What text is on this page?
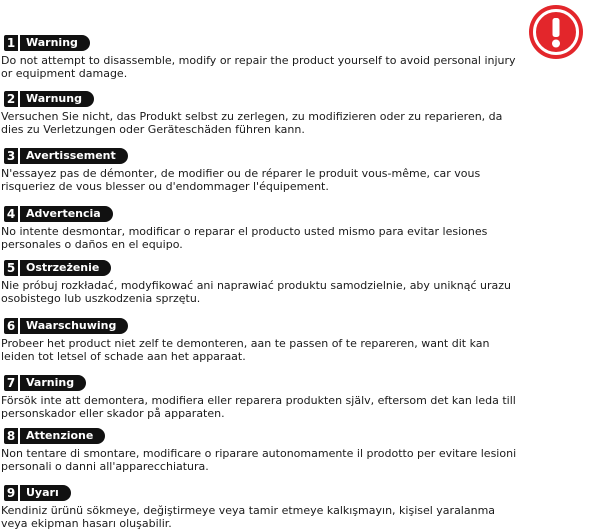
1 Warning
Do not attempt to disassemble, modify or repair the product yourself to avoid personal injury or equipment damage.
2 Warnung
Versuchen Sie nicht, das Produkt selbst zu zerlegen, zu modifizieren oder zu reparieren, da dies zu Verletzungen oder Geräteschäden führen kann.
3 Avertissement
N'essayez pas de démonter, de modifier ou de réparer le produit vous-même, car vous risqueriez de vous blesser ou d'endommager l'équipement.
4 Advertencia
No intente desmontar, modificar o reparar el producto usted mismo para evitar lesiones personales o daños en el equipo.
5 Ostrzeżenie
Nie próbuj rozkładać, modyfikować ani naprawiać produktu samodzielnie, aby uniknąć urazu osobistego lub uszkodzenia sprzętu.
6 Waarschuwing
Probeer het product niet zelf te demonteren, aan te passen of te repareren, want dit kan leiden tot letsel of schade aan het apparaat.
7 Varning
Försök inte att demontera, modifiera eller reparera produkten själv, eftersom det kan leda till personskador eller skador på apparaten.
8 Attenzione
Non tentare di smontare, modificare o riparare autonomamente il prodotto per evitare lesioni personali o danni all'apparecchiatura.
9 Uyarı
Kendiniz ürünü sökmeye, değiştirmeye veya tamir etmeye kalkışmayın, kişisel yaralanma veya ekipman hasarı oluşabilir.
